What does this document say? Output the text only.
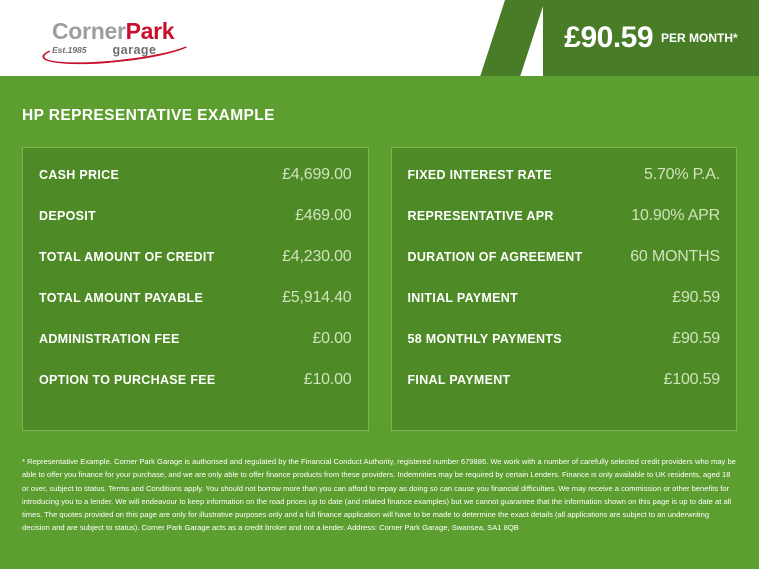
CornerPark
Est.1985 garage	£90.59 PER MONTH*
HP REPRESENTATIVE EXAMPLE
CASH PRICE	£4,699.00
DEPOSIT	£469.00
TOTAL AMOUNT OF CREDIT	£4,230.00
TOTAL AMOUNT PAYABLE	£5,914.40
ADMINISTRATION FEE	£0.00
OPTION TO PURCHASE FEE	£10.00
FIXED INTEREST RATE	5.70% P.A.
REPRESENTATIVE APR	10.90% APR
DURATION OF AGREEMENT	60 MONTHS
INITIAL PAYMENT	£90.59
58 MONTHLY PAYMENTS	£90.59
FINAL PAYMENT	£100.59
* Representative Example. Corner Park Garage is authorised and regulated by the Financial Conduct Authority, registered number 679886. We work with a number of carefully selected credit providers who may be able to offer you finance for your purchase, and we are only able to offer finance products from these providers. Indemnities may be required by certain Lenders. Finance is only available to UK residents, aged 18 or over, subject to status. Terms and Conditions apply. You should not borrow more than you can afford to repay as doing so can cause you financial difficulties. We may receive a commission or other benefits for introducing you to a lender. We will endeavour to keep information on the road prices up to date (and related finance examples) but we cannot guarantee that the information shown on this page is up to date at all times. The quotes provided on this page are only for illustrative purposes only and a full finance application will have to be made to determine the exact details (all applications are subject to an underwriting decision and are subject to status). Corner Park Garage acts as a credit broker and not a lender. Address: Corner Park Garage, Swansea, SA1 8QB
